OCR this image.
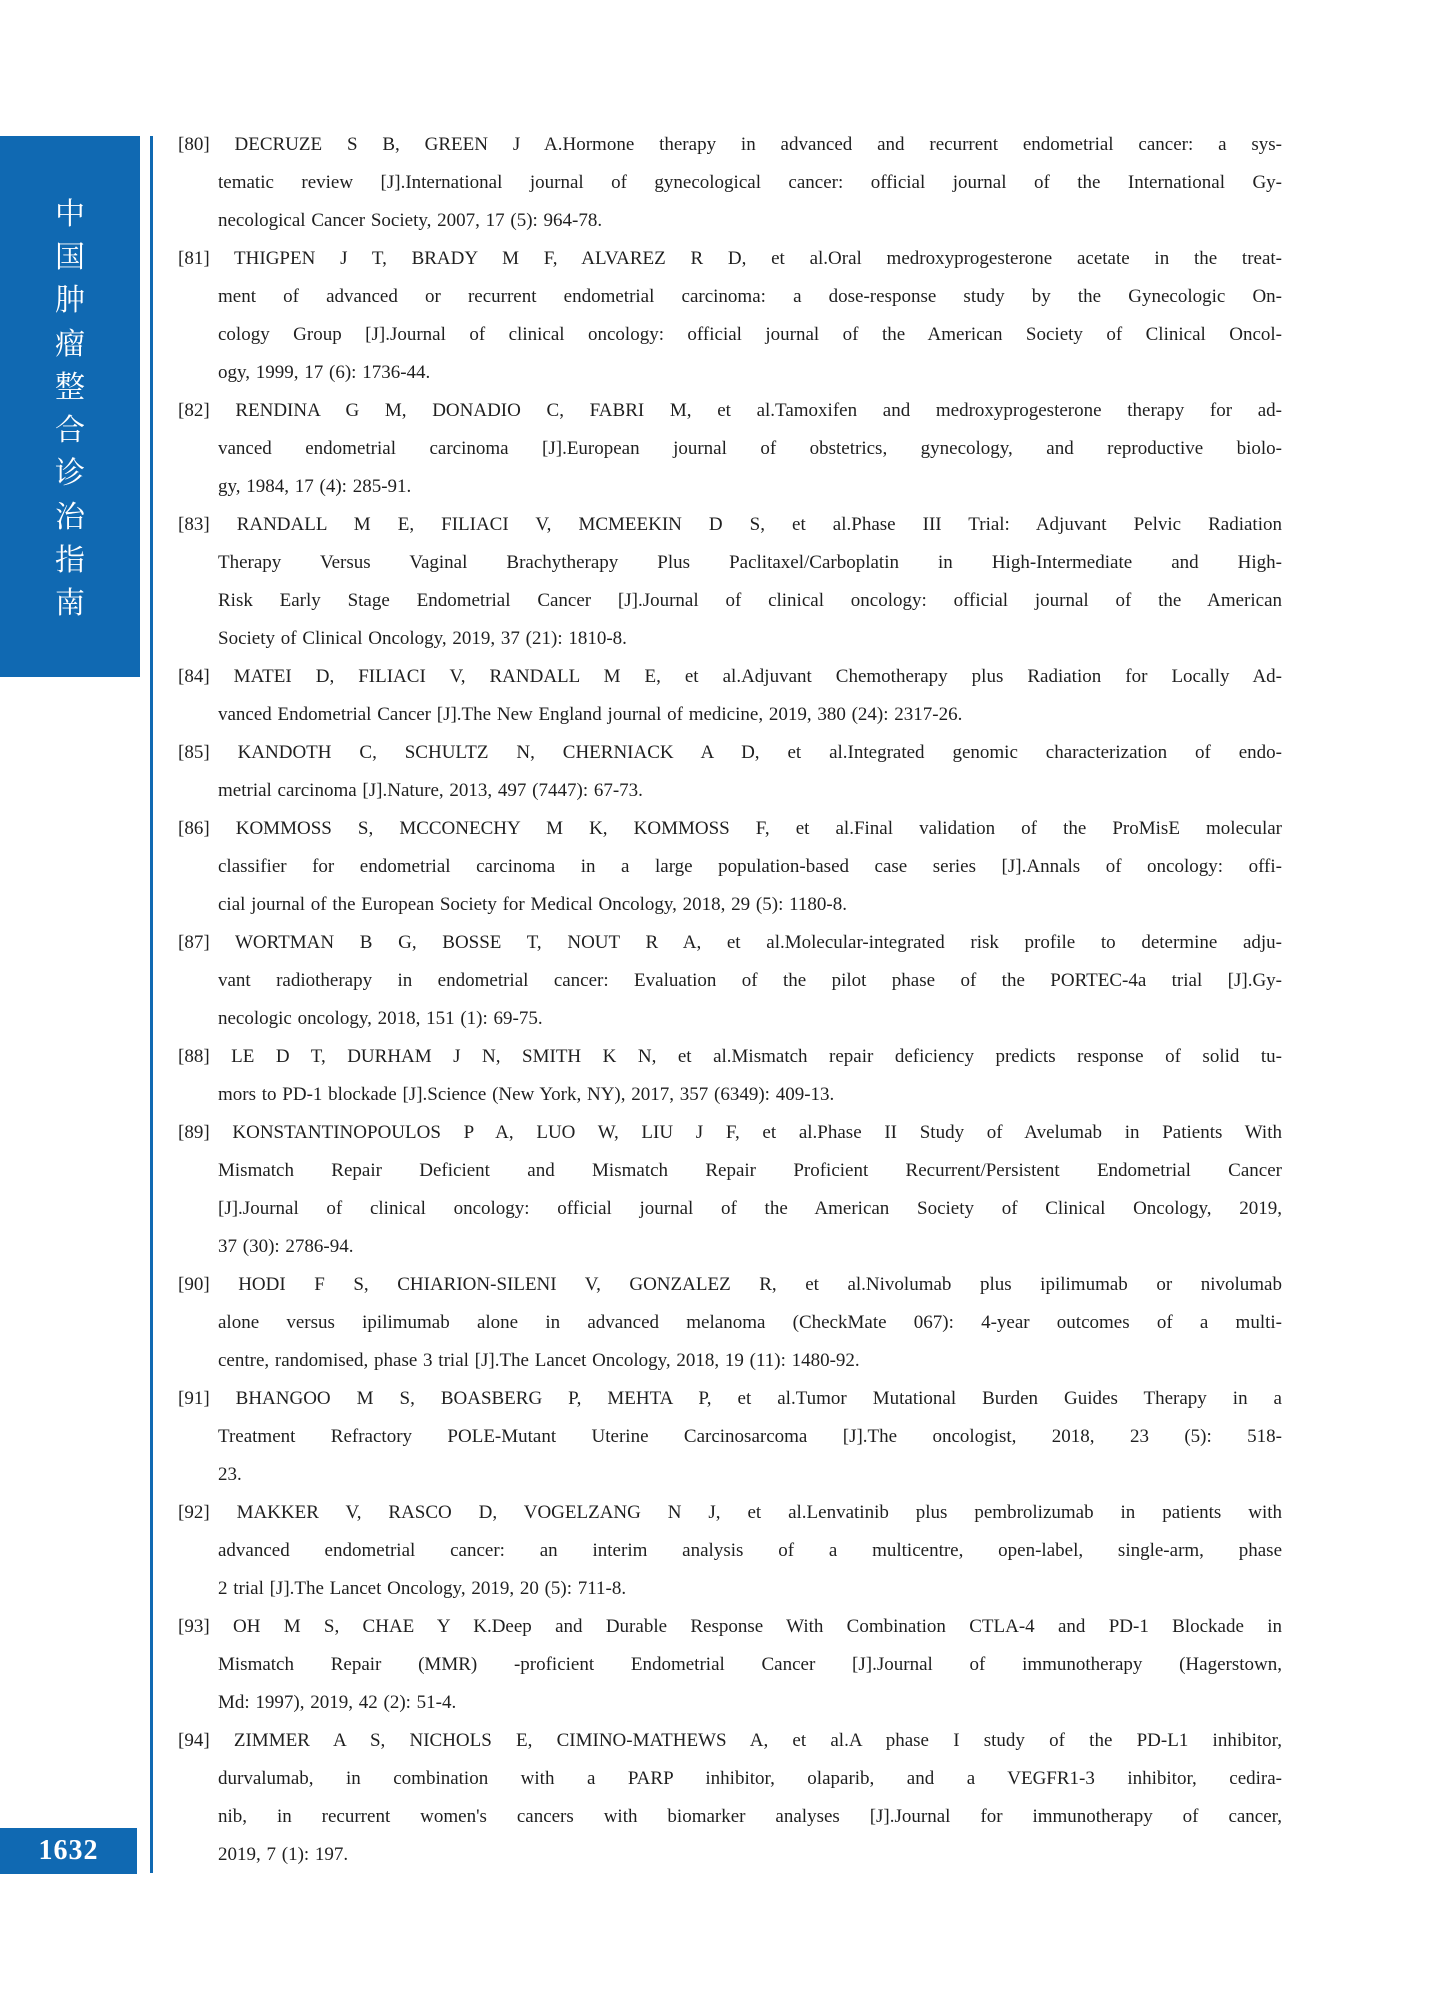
中
国
肿
瘤
整
合
诊
治
指
南
1632
[80] DECRUZE S B, GREEN J A.Hormone therapy in advanced and recurrent endometrial cancer: a sys-
tematic review [J].International journal of gynecological cancer: official journal of the International Gy-
necological Cancer Society, 2007, 17 (5): 964-78.
[81] THIGPEN J T, BRADY M F, ALVAREZ R D, et al.Oral medroxyprogesterone acetate in the treat-
ment of advanced or recurrent endometrial carcinoma: a dose-response study by the Gynecologic On-
cology Group [J].Journal of clinical oncology: official journal of the American Society of Clinical Oncol-
ogy, 1999, 17 (6): 1736-44.
[82] RENDINA G M, DONADIO C, FABRI M, et al.Tamoxifen and medroxyprogesterone therapy for ad-
vanced endometrial carcinoma [J].European journal of obstetrics, gynecology, and reproductive biolo-
gy, 1984, 17 (4): 285-91.
[83] RANDALL M E, FILIACI V, MCMEEKIN D S, et al.Phase III Trial: Adjuvant Pelvic Radiation
Therapy Versus Vaginal Brachytherapy Plus Paclitaxel/Carboplatin in High-Intermediate and High-
Risk Early Stage Endometrial Cancer [J].Journal of clinical oncology: official journal of the American
Society of Clinical Oncology, 2019, 37 (21): 1810-8.
[84] MATEI D, FILIACI V, RANDALL M E, et al.Adjuvant Chemotherapy plus Radiation for Locally Ad-
vanced Endometrial Cancer [J].The New England journal of medicine, 2019, 380 (24): 2317-26.
[85] KANDOTH C, SCHULTZ N, CHERNIACK A D, et al.Integrated genomic characterization of endo-
metrial carcinoma [J].Nature, 2013, 497 (7447): 67-73.
[86] KOMMOSS S, MCCONECHY M K, KOMMOSS F, et al.Final validation of the ProMisE molecular
classifier for endometrial carcinoma in a large population-based case series [J].Annals of oncology: offi-
cial journal of the European Society for Medical Oncology, 2018, 29 (5): 1180-8.
[87] WORTMAN B G, BOSSE T, NOUT R A, et al.Molecular-integrated risk profile to determine adju-
vant radiotherapy in endometrial cancer: Evaluation of the pilot phase of the PORTEC-4a trial [J].Gy-
necologic oncology, 2018, 151 (1): 69-75.
[88] LE D T, DURHAM J N, SMITH K N, et al.Mismatch repair deficiency predicts response of solid tu-
mors to PD-1 blockade [J].Science (New York, NY), 2017, 357 (6349): 409-13.
[89] KONSTANTINOPOULOS P A, LUO W, LIU J F, et al.Phase II Study of Avelumab in Patients With
Mismatch Repair Deficient and Mismatch Repair Proficient Recurrent/Persistent Endometrial Cancer
[J].Journal of clinical oncology: official journal of the American Society of Clinical Oncology, 2019,
37 (30): 2786-94.
[90] HODI F S, CHIARION-SILENI V, GONZALEZ R, et al.Nivolumab plus ipilimumab or nivolumab
alone versus ipilimumab alone in advanced melanoma (CheckMate 067): 4-year outcomes of a multi-
centre, randomised, phase 3 trial [J].The Lancet Oncology, 2018, 19 (11): 1480-92.
[91] BHANGOO M S, BOASBERG P, MEHTA P, et al.Tumor Mutational Burden Guides Therapy in a
Treatment Refractory POLE-Mutant Uterine Carcinosarcoma [J].The oncologist, 2018, 23 (5): 518-
23.
[92] MAKKER V, RASCO D, VOGELZANG N J, et al.Lenvatinib plus pembrolizumab in patients with
advanced endometrial cancer: an interim analysis of a multicentre, open-label, single-arm, phase
2 trial [J].The Lancet Oncology, 2019, 20 (5): 711-8.
[93] OH M S, CHAE Y K.Deep and Durable Response With Combination CTLA-4 and PD-1 Blockade in
Mismatch Repair (MMR) -proficient Endometrial Cancer [J].Journal of immunotherapy (Hagerstown,
Md: 1997), 2019, 42 (2): 51-4.
[94] ZIMMER A S, NICHOLS E, CIMINO-MATHEWS A, et al.A phase I study of the PD-L1 inhibitor,
durvalumab, in combination with a PARP inhibitor, olaparib, and a VEGFR1-3 inhibitor, cedira-
nib, in recurrent women's cancers with biomarker analyses [J].Journal for immunotherapy of cancer,
2019, 7 (1): 197.
